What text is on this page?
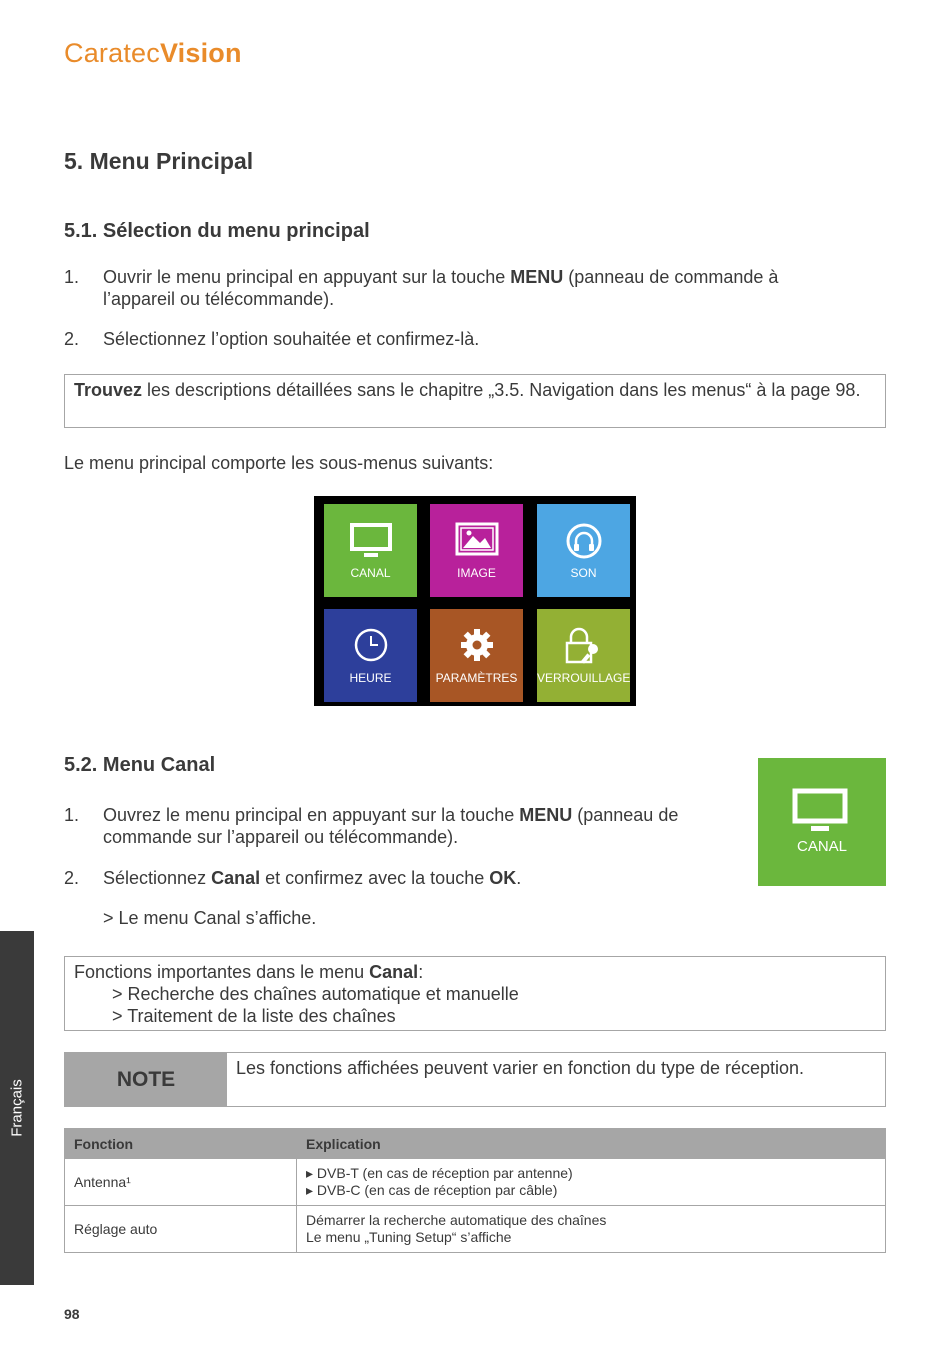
CaratecVision
5. Menu Principal
5.1. Sélection du menu principal
1. Ouvrir le menu principal en appuyant sur la touche MENU (panneau de commande à l’appareil ou télécommande).
2. Sélectionnez l’option souhaitée et confirmez-là.
Trouvez les descriptions détaillées sans le chapitre „3.5. Navigation dans les menus“ à la page 98.
Le menu principal comporte les sous-menus suivants:
CANAL	IMAGE	SON
HEURE	PARAMÈTRES	VERROUILLAGE
5.2. Menu Canal
CANAL
1. Ouvrez le menu principal en appuyant sur la touche MENU (panneau de commande sur l’appareil ou télécommande).
2. Sélectionnez Canal et confirmez avec la touche OK.
> Le menu Canal s’affiche.
Fonctions importantes dans le menu Canal:
> Recherche des chaînes automatique et manuelle
> Traitement de la liste des chaînes
NOTE	Les fonctions affichées peuvent varier en fonction du type de réception.
Fonction	Explication
Antenna¹	▸ DVB-T (en cas de réception par antenne)
▸ DVB-C (en cas de réception par câble)

Réglage auto	Démarrer la recherche automatique des chaînes
Le menu „Tuning Setup“ s’affiche
Français
98
